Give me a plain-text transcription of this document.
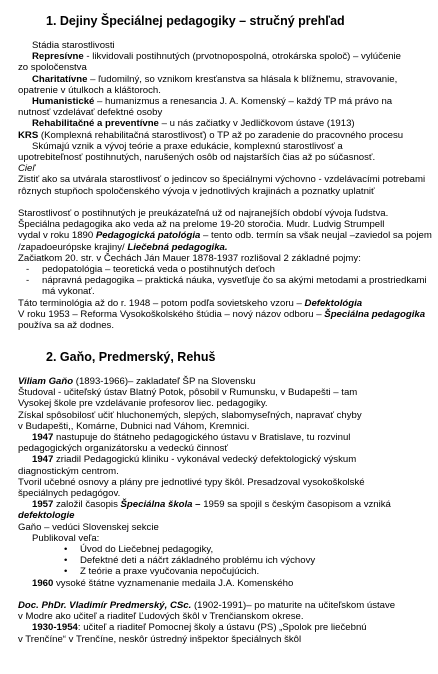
1. Dejiny Špeciálnej pedagogiky – stručný prehľad
Stádia starostlivosti
Represívne - likvidovali postihnutých (prvotnopospolná, otrokárska spoloč) – vylúčenie
zo spoločenstva
Charitatívne – ľudomilný, so vznikom kresťanstva sa hlásala k blížnemu, stravovanie,
opatrenie v útulkoch a kláštoroch.
Humanistické – humanizmus a renesancia J. A. Komenský – každý TP má právo na
nutnosť vzdelávať defektné osoby
Rehabilitačné a preventívne – u nás začiatky v Jedličkovom ústave (1913)
KRS (Komplexná rehabilitačná starostlivosť) o TP až po zaradenie do pracovného procesu
Skúmajú vznik a vývoj teórie a praxe edukácie, komplexnú starostlivosť a
upotrebiteľnosť postihnutých, narušených osôb od najstarších čias až po súčasnosť.
Cieľ
Zistiť ako sa utvárala starostlivosť o jedincov so špeciálnymi výchovno - vzdelávacími potrebami
rôznych stupňoch spoločenského vývoja v jednotlivých krajinách a poznatky uplatniť
Starostlivosť o postihnutých je preukázateľná už od najranejších období vývoja ľudstva.
Špeciálna pedagogika ako veda až na prelome 19-20 storočia. Mudr. Ludvig Strumpell
vydal v roku 1890 Pedagogická patológia – tento odb. termín sa však neujal –zaviedol sa pojem
/zapadoeurópske krajiny/ Liečebná pedagogika.
Začiatkom 20. str. v Čechách Ján Mauer 1878-1937 rozlišoval 2 základné pojmy:
- pedopatológia – teoretická veda o postihnutých deťoch
- nápravná pedagogika – praktická náuka, vysvetľuje čo sa akými metodami a prostriedkami
má vykonať.
Táto terminológia až do r. 1948 – potom podľa sovietskeho vzoru – Defektológia
V roku 1953 – Reforma Vysokoškolského štúdia – nový názov odboru – Špeciálna pedagogika
používa sa až dodnes.
2. Gaňo, Predmerský, Rehuš
Viliam Gaňo (1893-1966)– zakladateľ ŠP na Slovensku
Študoval - učiteľský ústav Blatný Potok, pôsobil v Rumunsku, v Budapešti – tam
Vysokej škole pre vzdelávanie profesorov liec. pedagogiky.
Získal spôsobilosť učiť hluchonemých, slepých, slabomyseľných, napravať chyby
v Budapešti,, Komárne, Dubnici nad Váhom, Kremnici.
1947 nastupuje do štátneho pedagogického ústavu v Bratislave, tu rozvinul
pedagogických organizátorsku a vedeckú činnosť
1947 zriadil Pedagogickú kliniku - vykonával vedecký defektologický výskum
diagnostickým centrom.
Tvoril učebné osnovy a plány pre jednotlivé typy škôl. Presadzoval vysokoškolské
špeciálnych pedagógov.
1957 založil časopis Špeciálna škola – 1959 sa spojil s českým časopisom a vzniká
defektologie
Gaňo – vedúci Slovenskej sekcie
Publikoval veľa:
• Úvod do Liečebnej pedagogiky,
• Defektné deti a náčrt základného problému ich výchovy
• Z teórie a praxe vyučovania nepočujúcich.
1960 vysoké štátne vyznamenanie medaila J.A. Komenského
Doc. PhDr. Vladimír Predmerský, CSc. (1902-1991)– po maturite na učiteľskom ústave
v Modre ako učiteľ a riaditeľ Ľudových škôl v Trenčianskom okrese.
1930-1954: učiteľ a riaditeľ Pomocnej školy a ústavu (PS) „Spolok pre liečebnú
v Trenčíne“ v Trenčíne, neskôr ústredný inšpektor špeciálnych škôl
